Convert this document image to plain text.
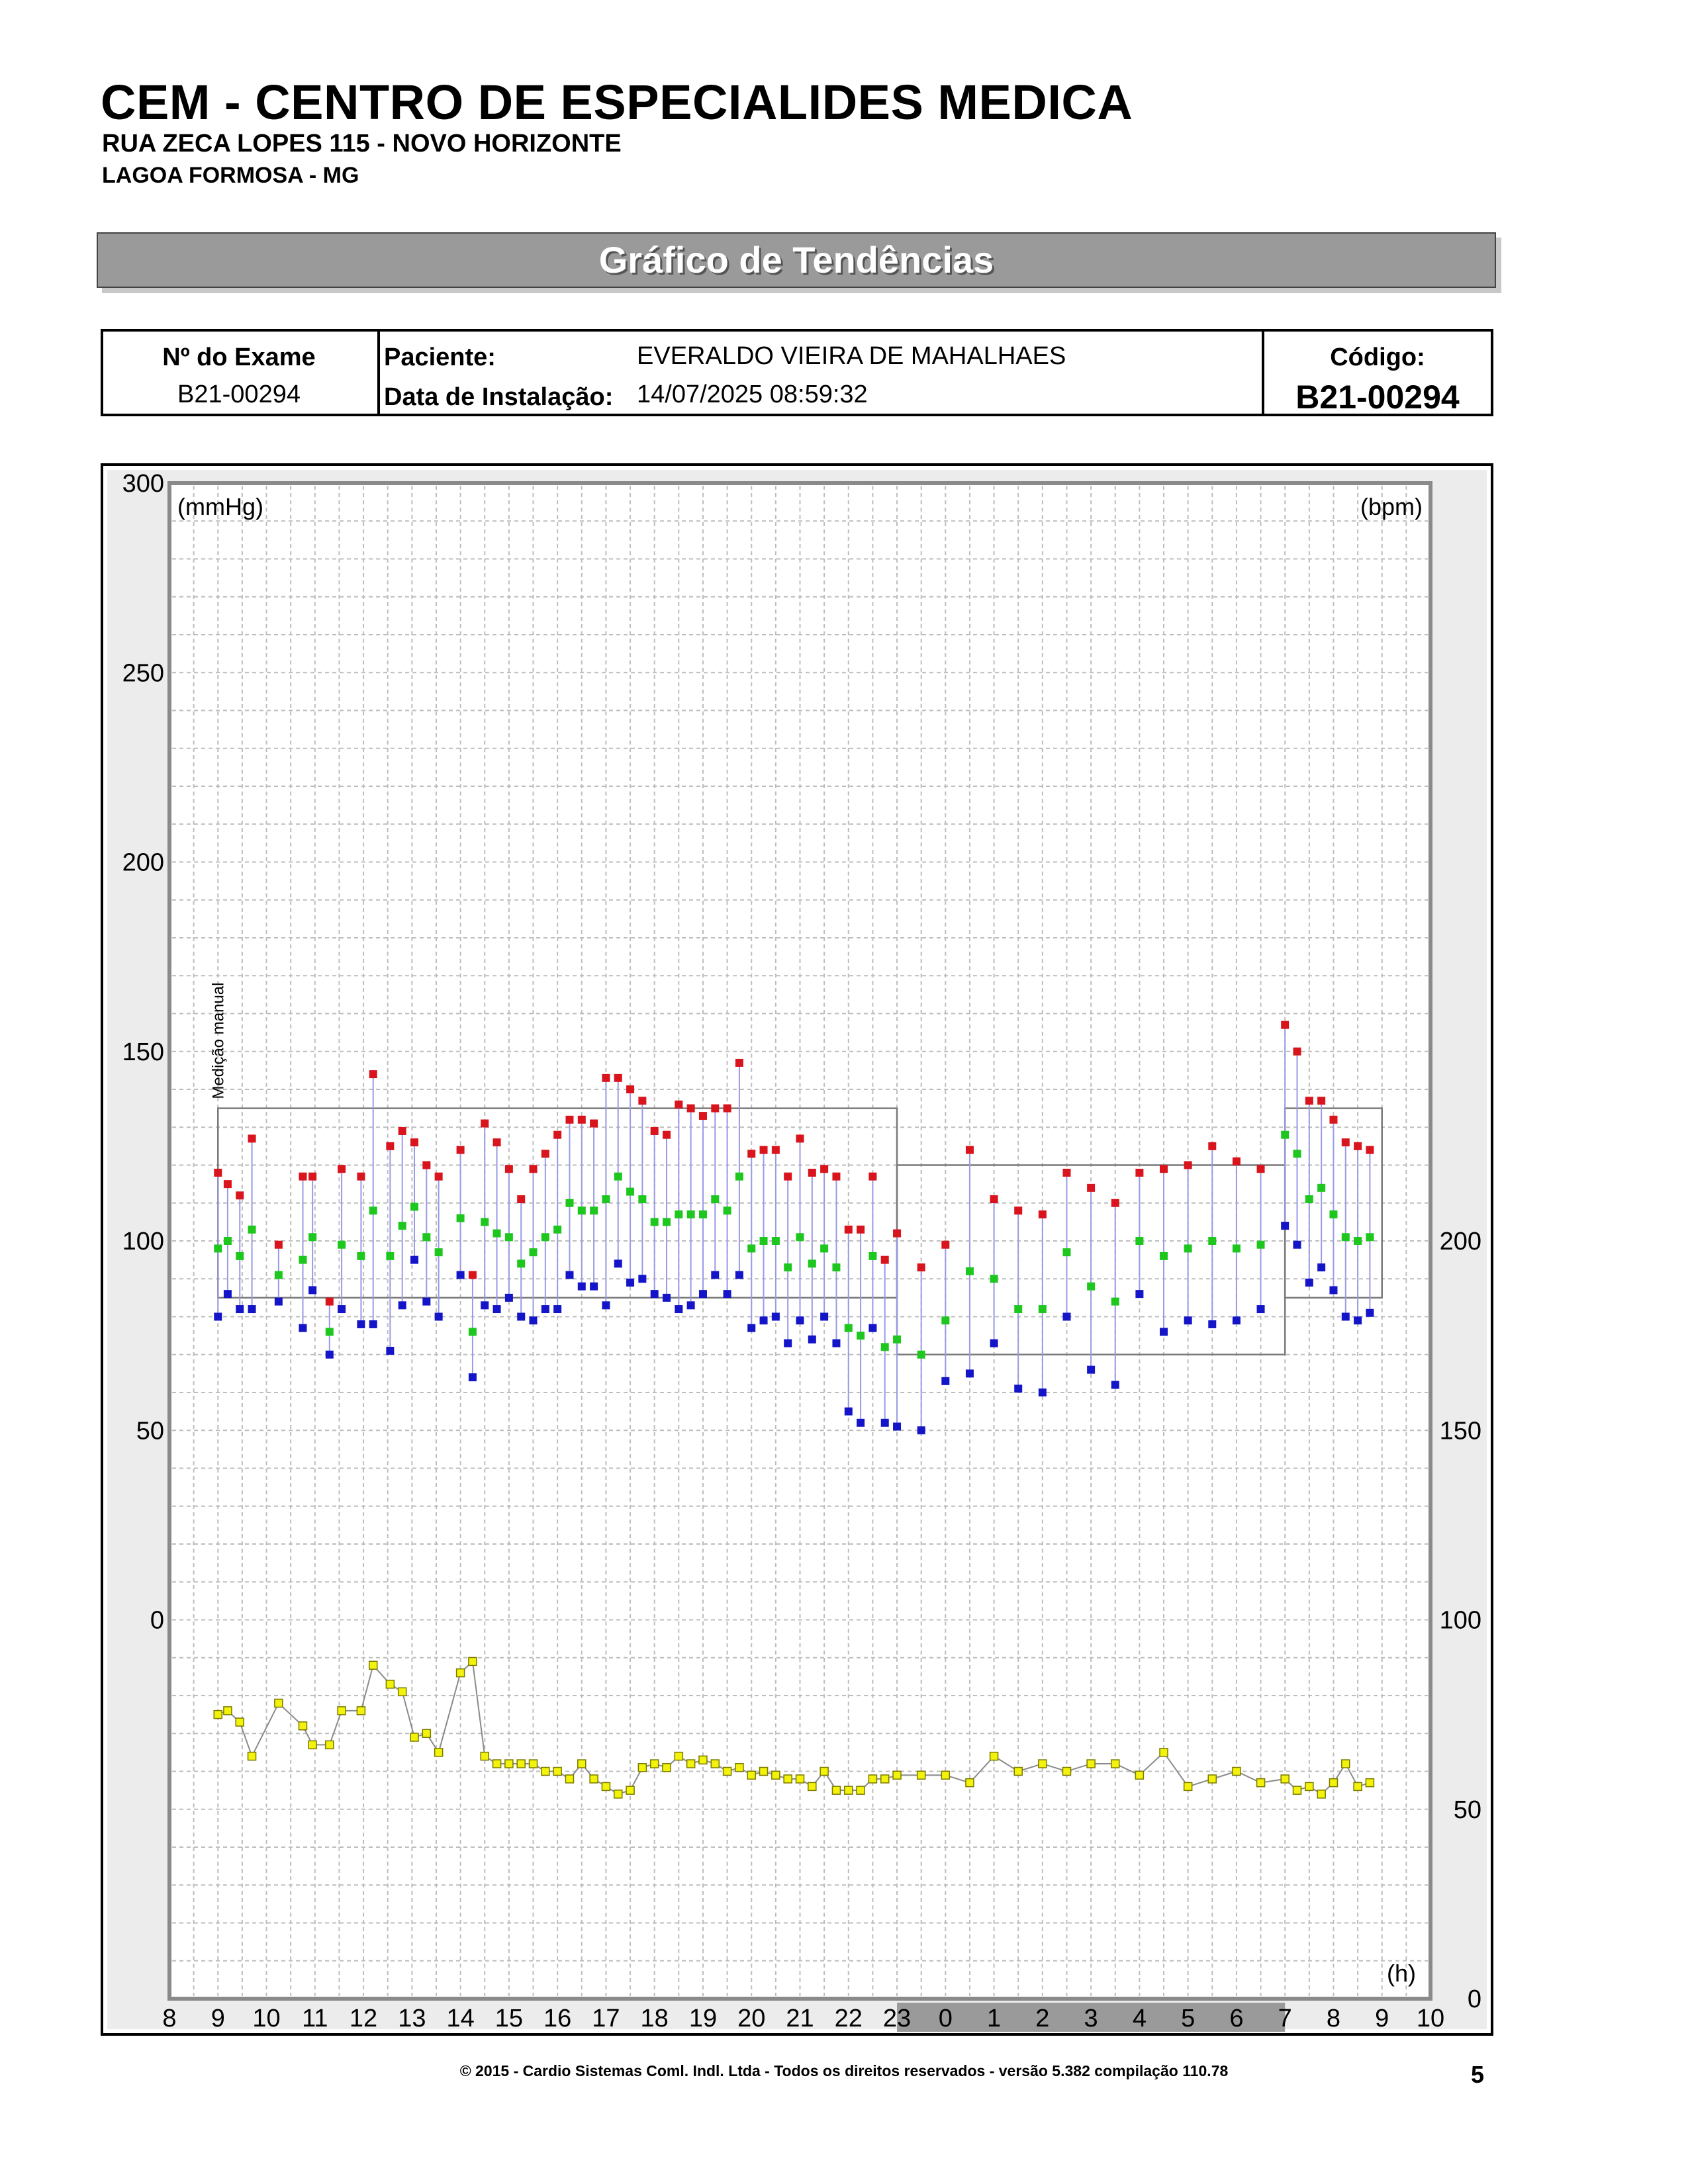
CEM - CENTRO DE ESPECIALIDES MEDICA
RUA ZECA LOPES 115 - NOVO HORIZONTE
LAGOA FORMOSA - MG
Gráfico de Tendências
Nº do Exame
B21-00294
Paciente:	EVERALDO VIEIRA DE MAHALHAES
Data de Instalação: 14/07/2025 08:59:32
Código:
B21-00294
0
50
100
150
200
250
300
0
50
100
150
200
8 9 10 11 12 13 14 15 16 17 18 19 20 21 22 23 0 1 2 3 4 5 6 7 8 9 10
(mmHg)	(bpm)
(h)
Medição manual
© 2015 - Cardio Sistemas Coml. Indl. Ltda - Todos os direitos reservados - versão 5.382 compilação 110.78	5
